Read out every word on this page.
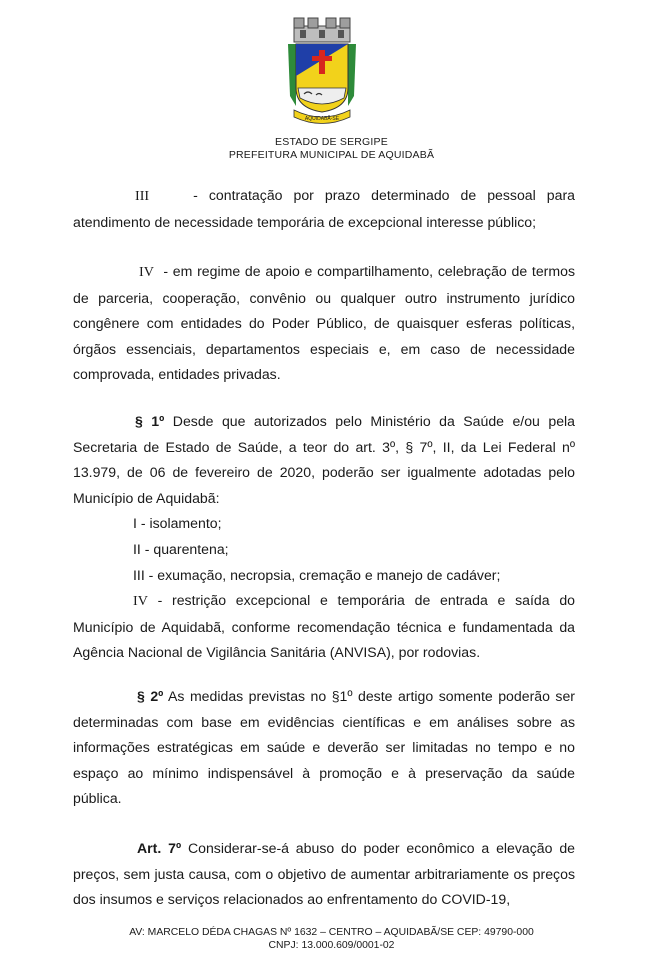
AQUIDABÃ-SE
ESTADO DE SERGIPE
PREFEITURA MUNICIPAL DE AQUIDABÃ

III	- contratação por prazo determinado de pessoal para atendimento de necessidade temporária de excepcional interesse público;

IV - em regime de apoio e compartilhamento, celebração de termos de parceria, cooperação, convênio ou qualquer outro instrumento jurídico congênere com entidades do Poder Público, de quaisquer esferas políticas, órgãos essenciais, departamentos especiais e, em caso de necessidade comprovada, entidades privadas.

§ 1º Desde que autorizados pelo Ministério da Saúde e/ou pela Secretaria de Estado de Saúde, a teor do art. 3º, § 7º, II, da Lei Federal nº 13.979, de 06 de fevereiro de 2020, poderão ser igualmente adotadas pelo Município de Aquidabã:

I - isolamento;

II - quarentena;

III - exumação, necropsia, cremação e manejo de cadáver;

IV - restrição excepcional e temporária de entrada e saída do Município de Aquidabã, conforme recomendação técnica e fundamentada da Agência Nacional de Vigilância Sanitária (ANVISA), por rodovias.

§ 2º As medidas previstas no §1º deste artigo somente poderão ser determinadas com base em evidências científicas e em análises sobre as informações estratégicas em saúde e deverão ser limitadas no tempo e no espaço ao mínimo indispensável à promoção e à preservação da saúde pública.

Art. 7º Considerar-se-á abuso do poder econômico a elevação de preços, sem justa causa, com o objetivo de aumentar arbitrariamente os preços dos insumos e serviços relacionados ao enfrentamento do COVID-19,

AV: MARCELO DÉDA CHAGAS Nº 1632 – CENTRO – AQUIDABÃ/SE CEP: 49790-000
CNPJ: 13.000.609/0001-02
